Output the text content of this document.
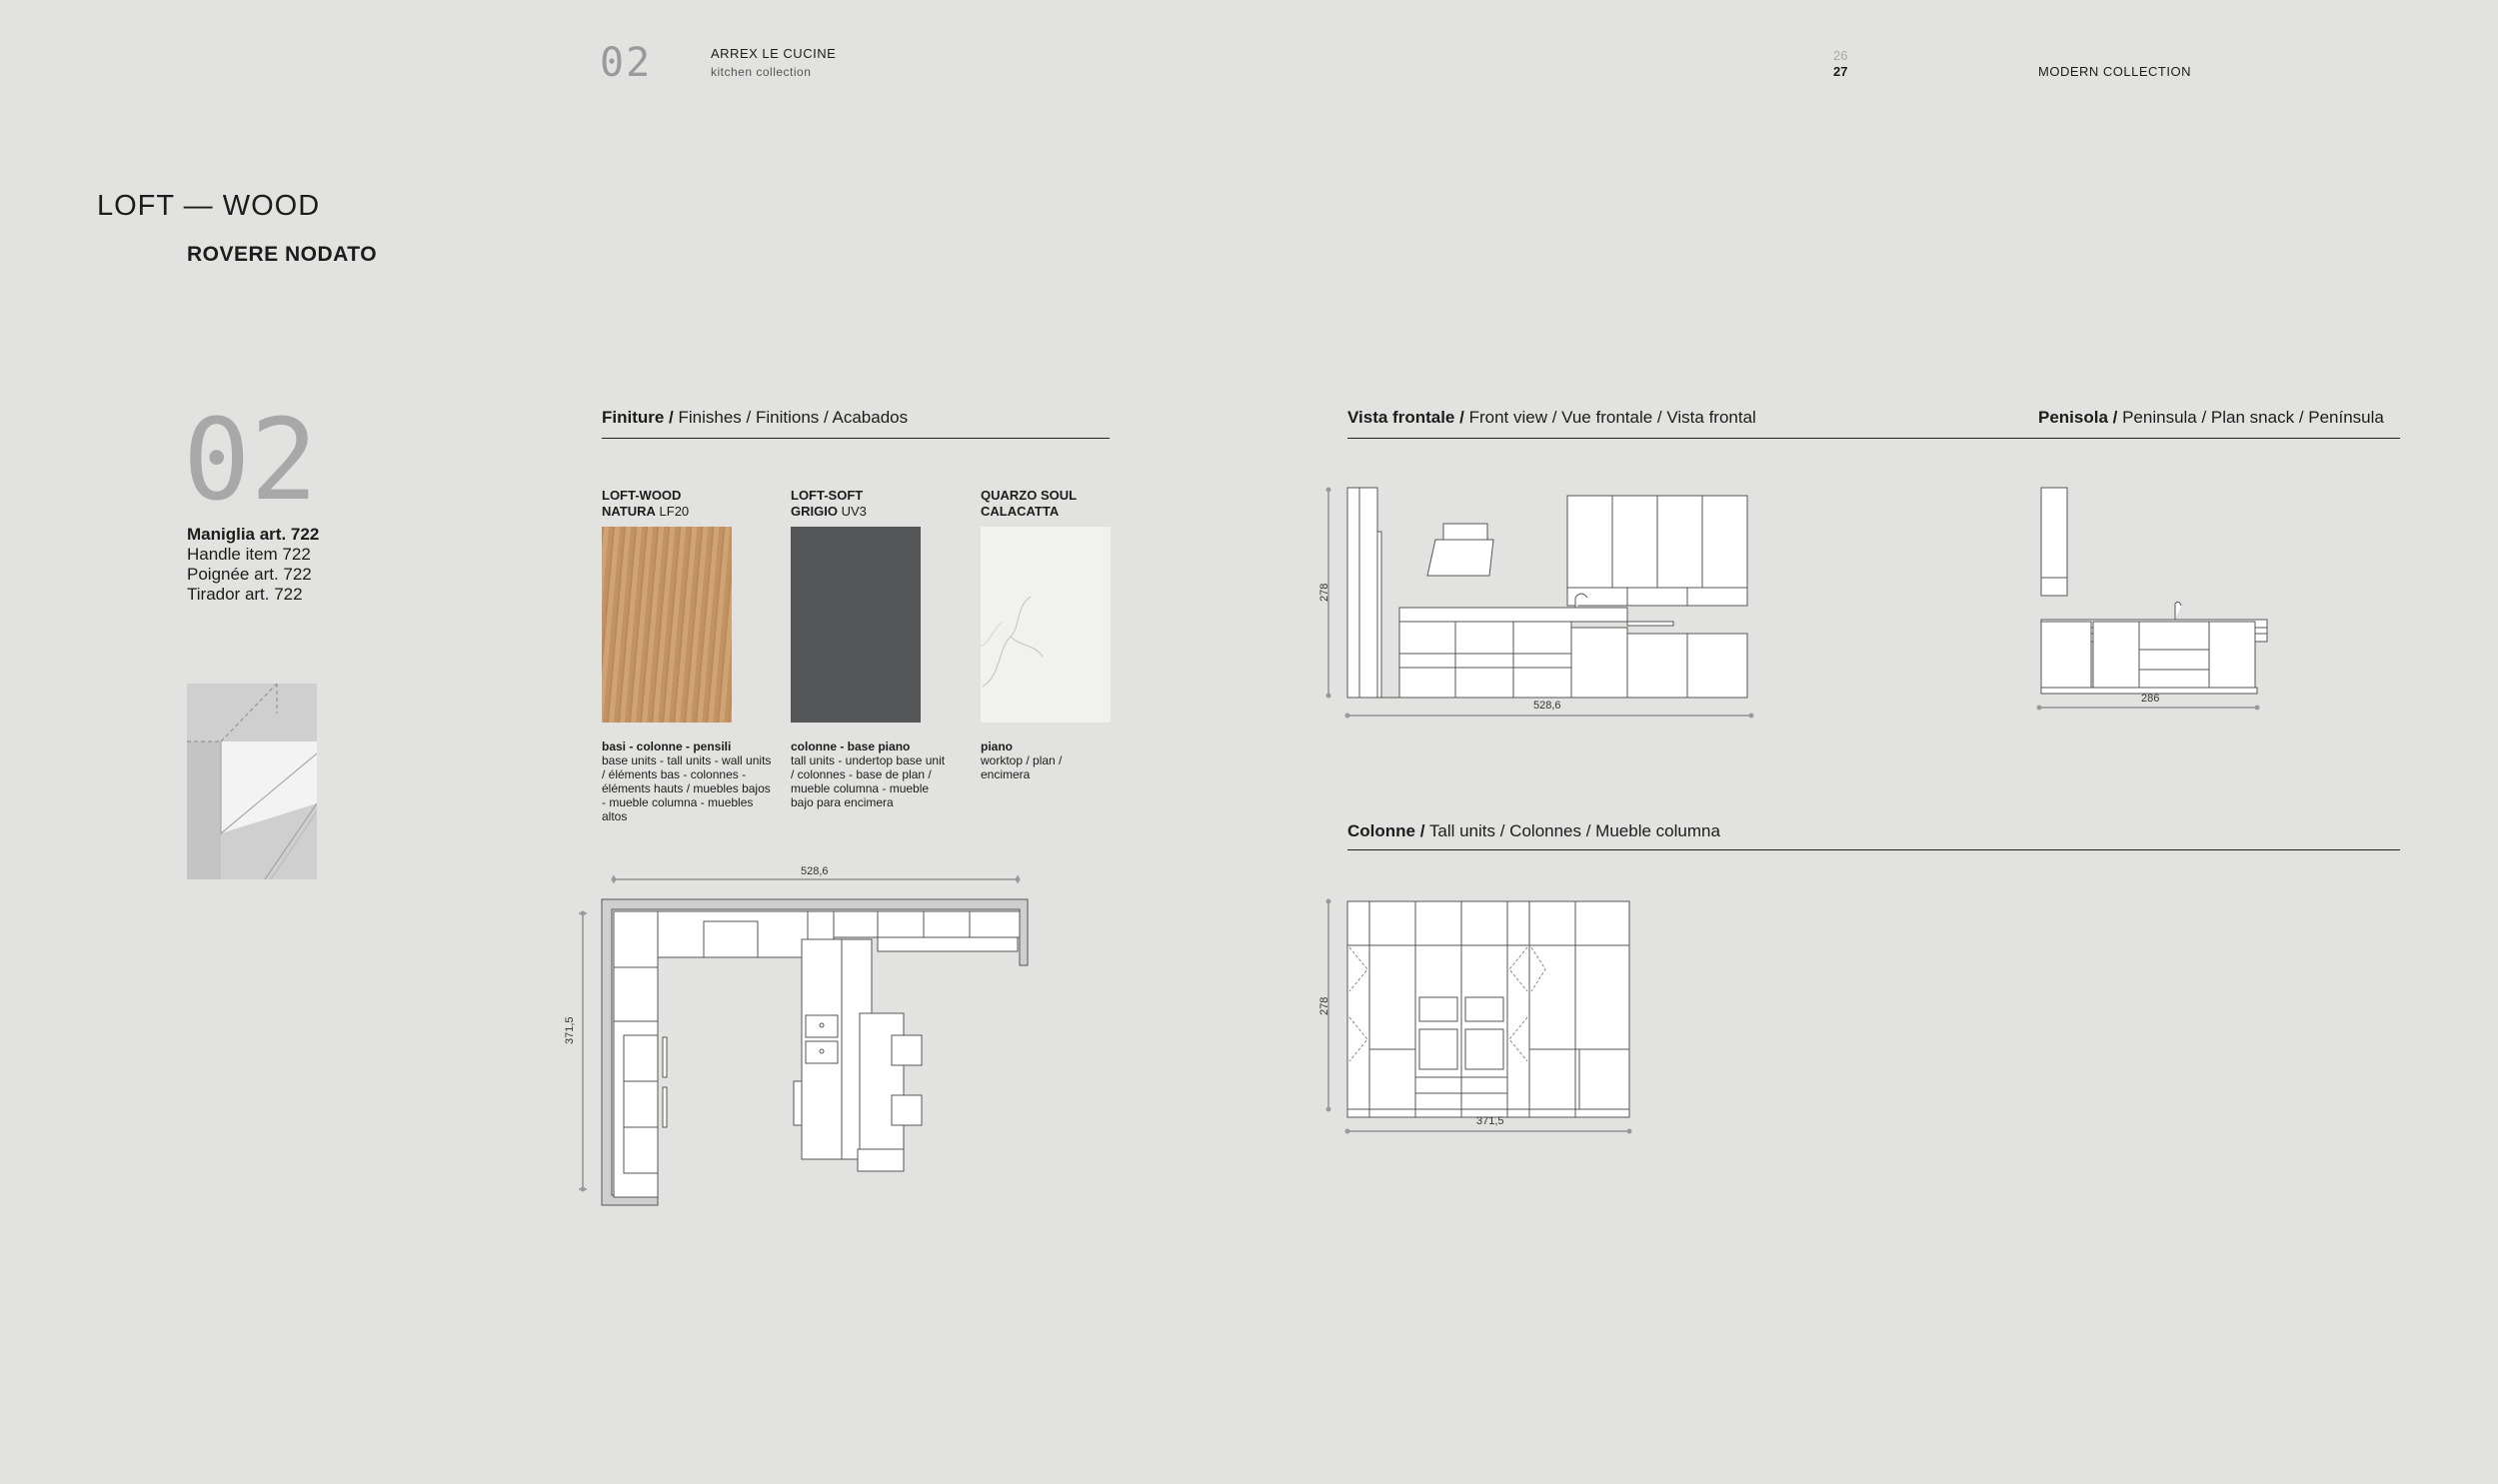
02	ARREX LE CUCINE
kitchen collection
26
27	MODERN COLLECTION
LOFT — WOOD
ROVERE NODATO
02
Maniglia art. 722
Handle item 722
Poignée art. 722
Tirador art. 722
Finiture / Finishes / Finitions / Acabados
LOFT-WOOD
NATURA LF20
basi - colonne - pensili
base units - tall units - wall units / éléments bas - colonnes - éléments hauts / muebles bajos - mueble columna - muebles altos
LOFT-SOFT
GRIGIO UV3
colonne - base piano
tall units - undertop base unit / colonnes - base de plan / mueble columna - mueble bajo para encimera
QUARZO SOUL
CALACATTA
piano
worktop / plan / encimera
528,6
371,5
Vista frontale / Front view / Vue frontale / Vista frontal	Penisola / Peninsula / Plan snack / Península
278
528,6
286
Colonne / Tall units / Colonnes / Mueble columna
278
371,5
